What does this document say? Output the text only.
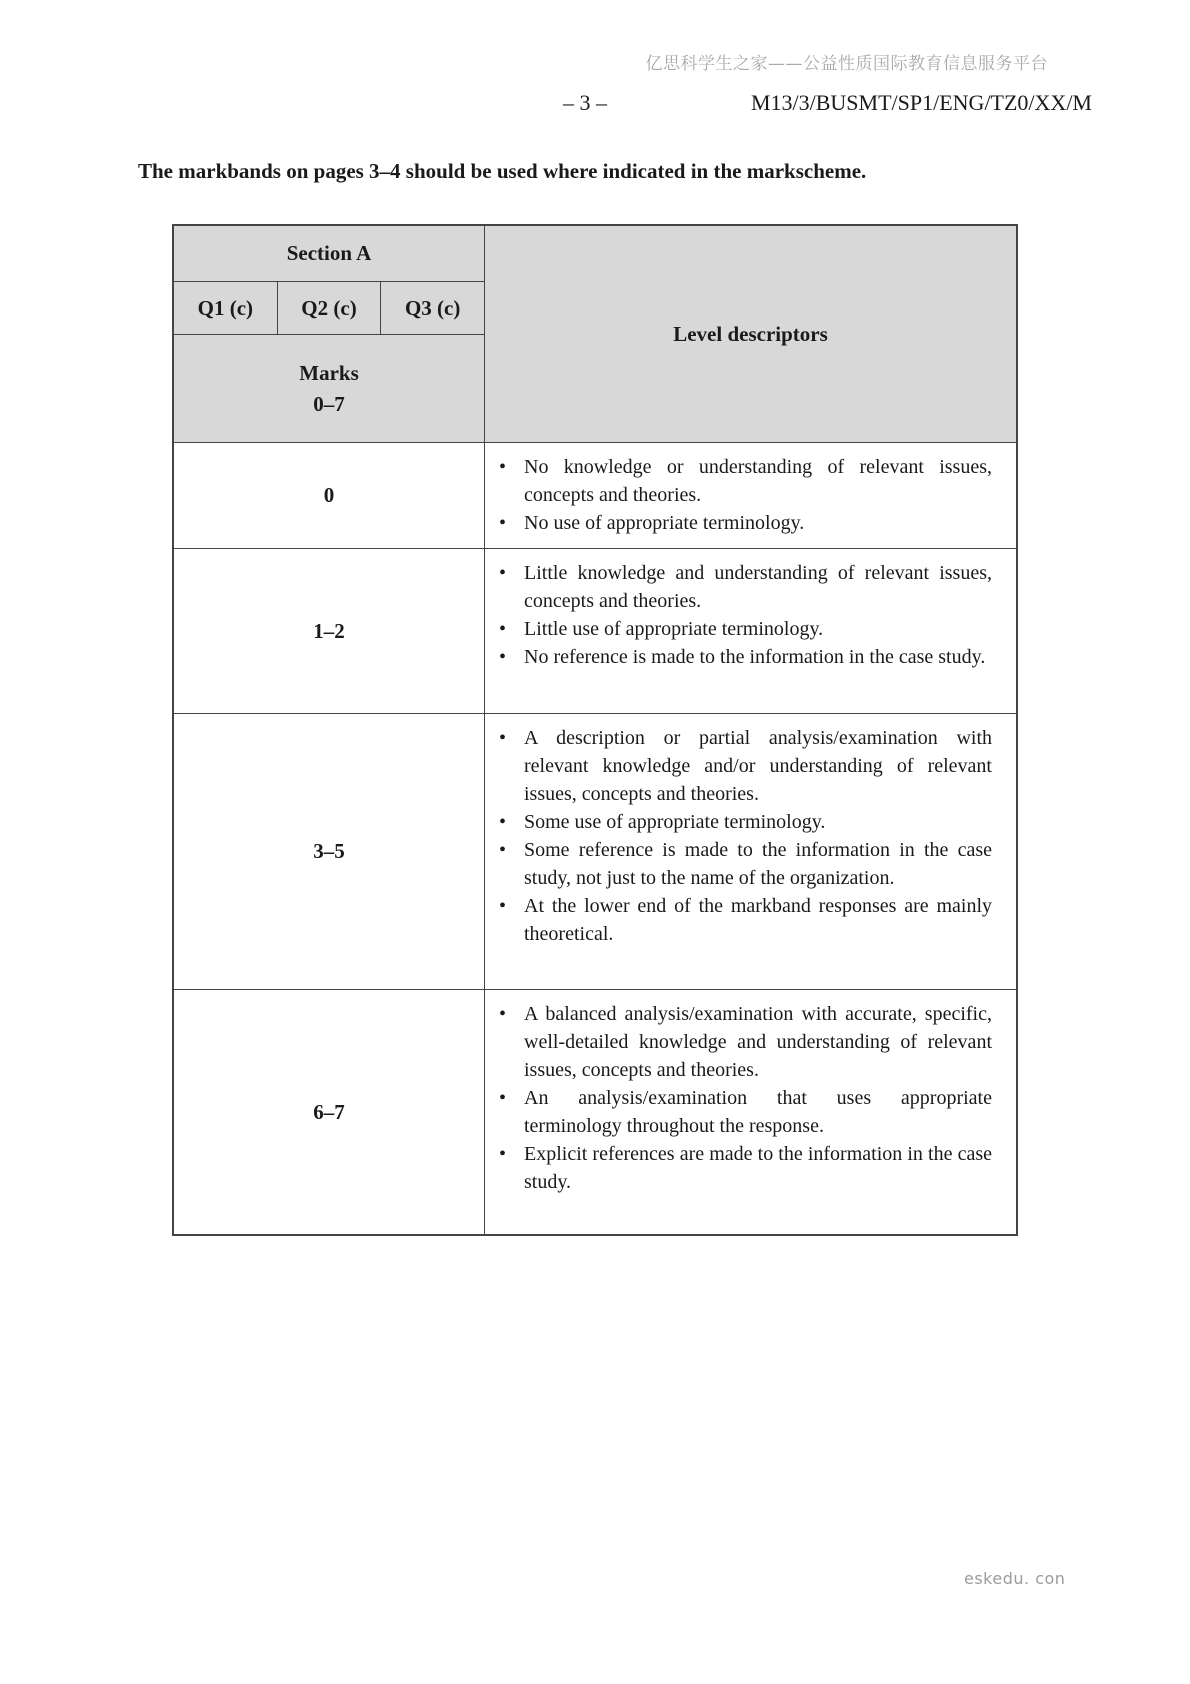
亿思科学生之家——公益性质国际教育信息服务平台
– 3 –	M13/3/BUSMT/SP1/ENG/TZ0/XX/M
The markbands on pages 3–4 should be used where indicated in the markscheme.
Section A
Q1 (c)	Q2 (c)	Q3 (c)
Marks
0–7
Level descriptors
0
• No knowledge or understanding of relevant issues, concepts and theories.
• No use of appropriate terminology.
1–2
• Little knowledge and understanding of relevant issues, concepts and theories.
• Little use of appropriate terminology.
• No reference is made to the information in the case study.
3–5
• A description or partial analysis/examination with relevant knowledge and/or understanding of relevant issues, concepts and theories.
• Some use of appropriate terminology.
• Some reference is made to the information in the case study, not just to the name of the organization.
• At the lower end of the markband responses are mainly theoretical.
6–7
• A balanced analysis/examination with accurate, specific, well-detailed knowledge and understanding of relevant issues, concepts and theories.
• An analysis/examination that uses appropriate terminology throughout the response.
• Explicit references are made to the information in the case study.
eskedu. con
